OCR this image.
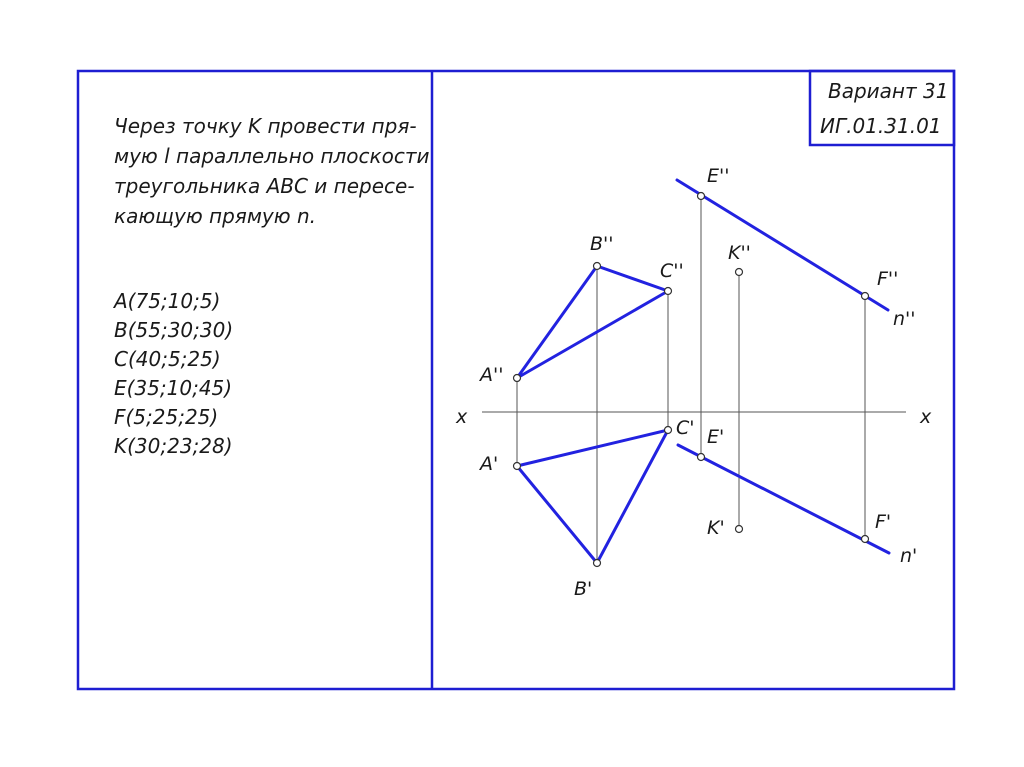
Вариант 31
ИГ.01.31.01
Через точку K провести пря-
мую l параллельно плоскости
треугольника ABC и пересе-
кающую прямую n.
A(75;10;5)
B(55;30;30)
C(40;5;25)
E(35;10;45)
F(5;25;25)
K(30;23;28)
x	x
B''
C''
A''
E''
K''
F''
n''
C' E'
A'
K'	F'
n'
B'
